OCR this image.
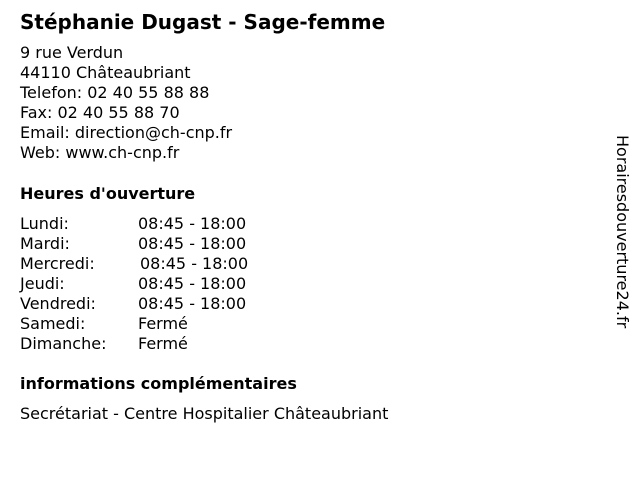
Stéphanie Dugast - Sage-femme
9 rue Verdun
44110 Châteaubriant
Telefon: 02 40 55 88 88
Fax: 02 40 55 88 70
Email: direction@ch-cnp.fr
Web: www.ch-cnp.fr
Heures d'ouverture
Lundi:	08:45 - 18:00
Mardi:	08:45 - 18:00
Mercredi:	08:45 - 18:00
Jeudi:	08:45 - 18:00
Vendredi:	08:45 - 18:00
Samedi:	Fermé
Dimanche: Fermé
informations complémentaires
Secrétariat - Centre Hospitalier Châteaubriant
Horairesdouverture24.fr
